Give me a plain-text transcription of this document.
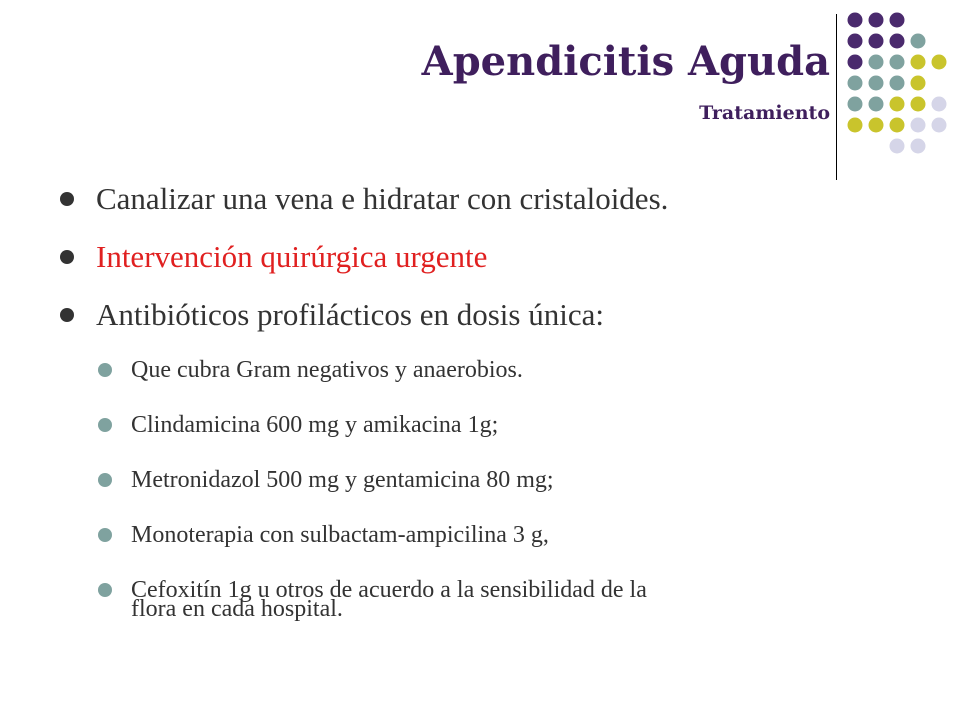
Apendicitis Aguda
Tratamiento
Canalizar una vena e hidratar con cristaloides.
Intervención quirúrgica urgente
Antibióticos profilácticos en dosis única:
Que cubra Gram negativos y anaerobios.
Clindamicina 600 mg y amikacina 1g;
Metronidazol 500 mg y gentamicina 80 mg;
Monoterapia con sulbactam-ampicilina 3 g,
Cefoxitín 1g u otros de acuerdo a la sensibilidad de la
flora en cada hospital.
